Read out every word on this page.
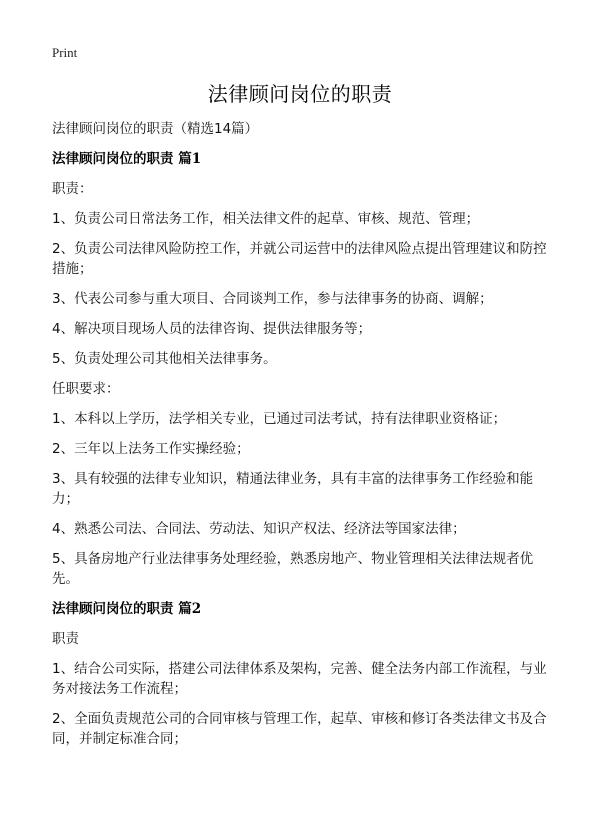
Print
法律顾问岗位的职责

法律顾问岗位的职责（精选14篇）

法律顾问岗位的职责 篇1

职责：

1、负责公司日常法务工作，相关法律文件的起草、审核、规范、管理；

2、负责公司法律风险防控工作，并就公司运营中的法律风险点提出管理建议和防控措施；

3、代表公司参与重大项目、合同谈判工作，参与法律事务的协商、调解；

4、解决项目现场人员的法律咨询、提供法律服务等；

5、负责处理公司其他相关法律事务。

任职要求：

1、本科以上学历，法学相关专业，已通过司法考试，持有法律职业资格证；

2、三年以上法务工作实操经验；

3、具有较强的法律专业知识，精通法律业务，具有丰富的法律事务工作经验和能力；

4、熟悉公司法、合同法、劳动法、知识产权法、经济法等国家法律；

5、具备房地产行业法律事务处理经验，熟悉房地产、物业管理相关法律法规者优先。

法律顾问岗位的职责 篇2

职责

1、结合公司实际，搭建公司法律体系及架构，完善、健全法务内部工作流程，与业务对接法务工作流程；

2、全面负责规范公司的合同审核与管理工作，起草、审核和修订各类法律文书及合同，并制定标准合同；
